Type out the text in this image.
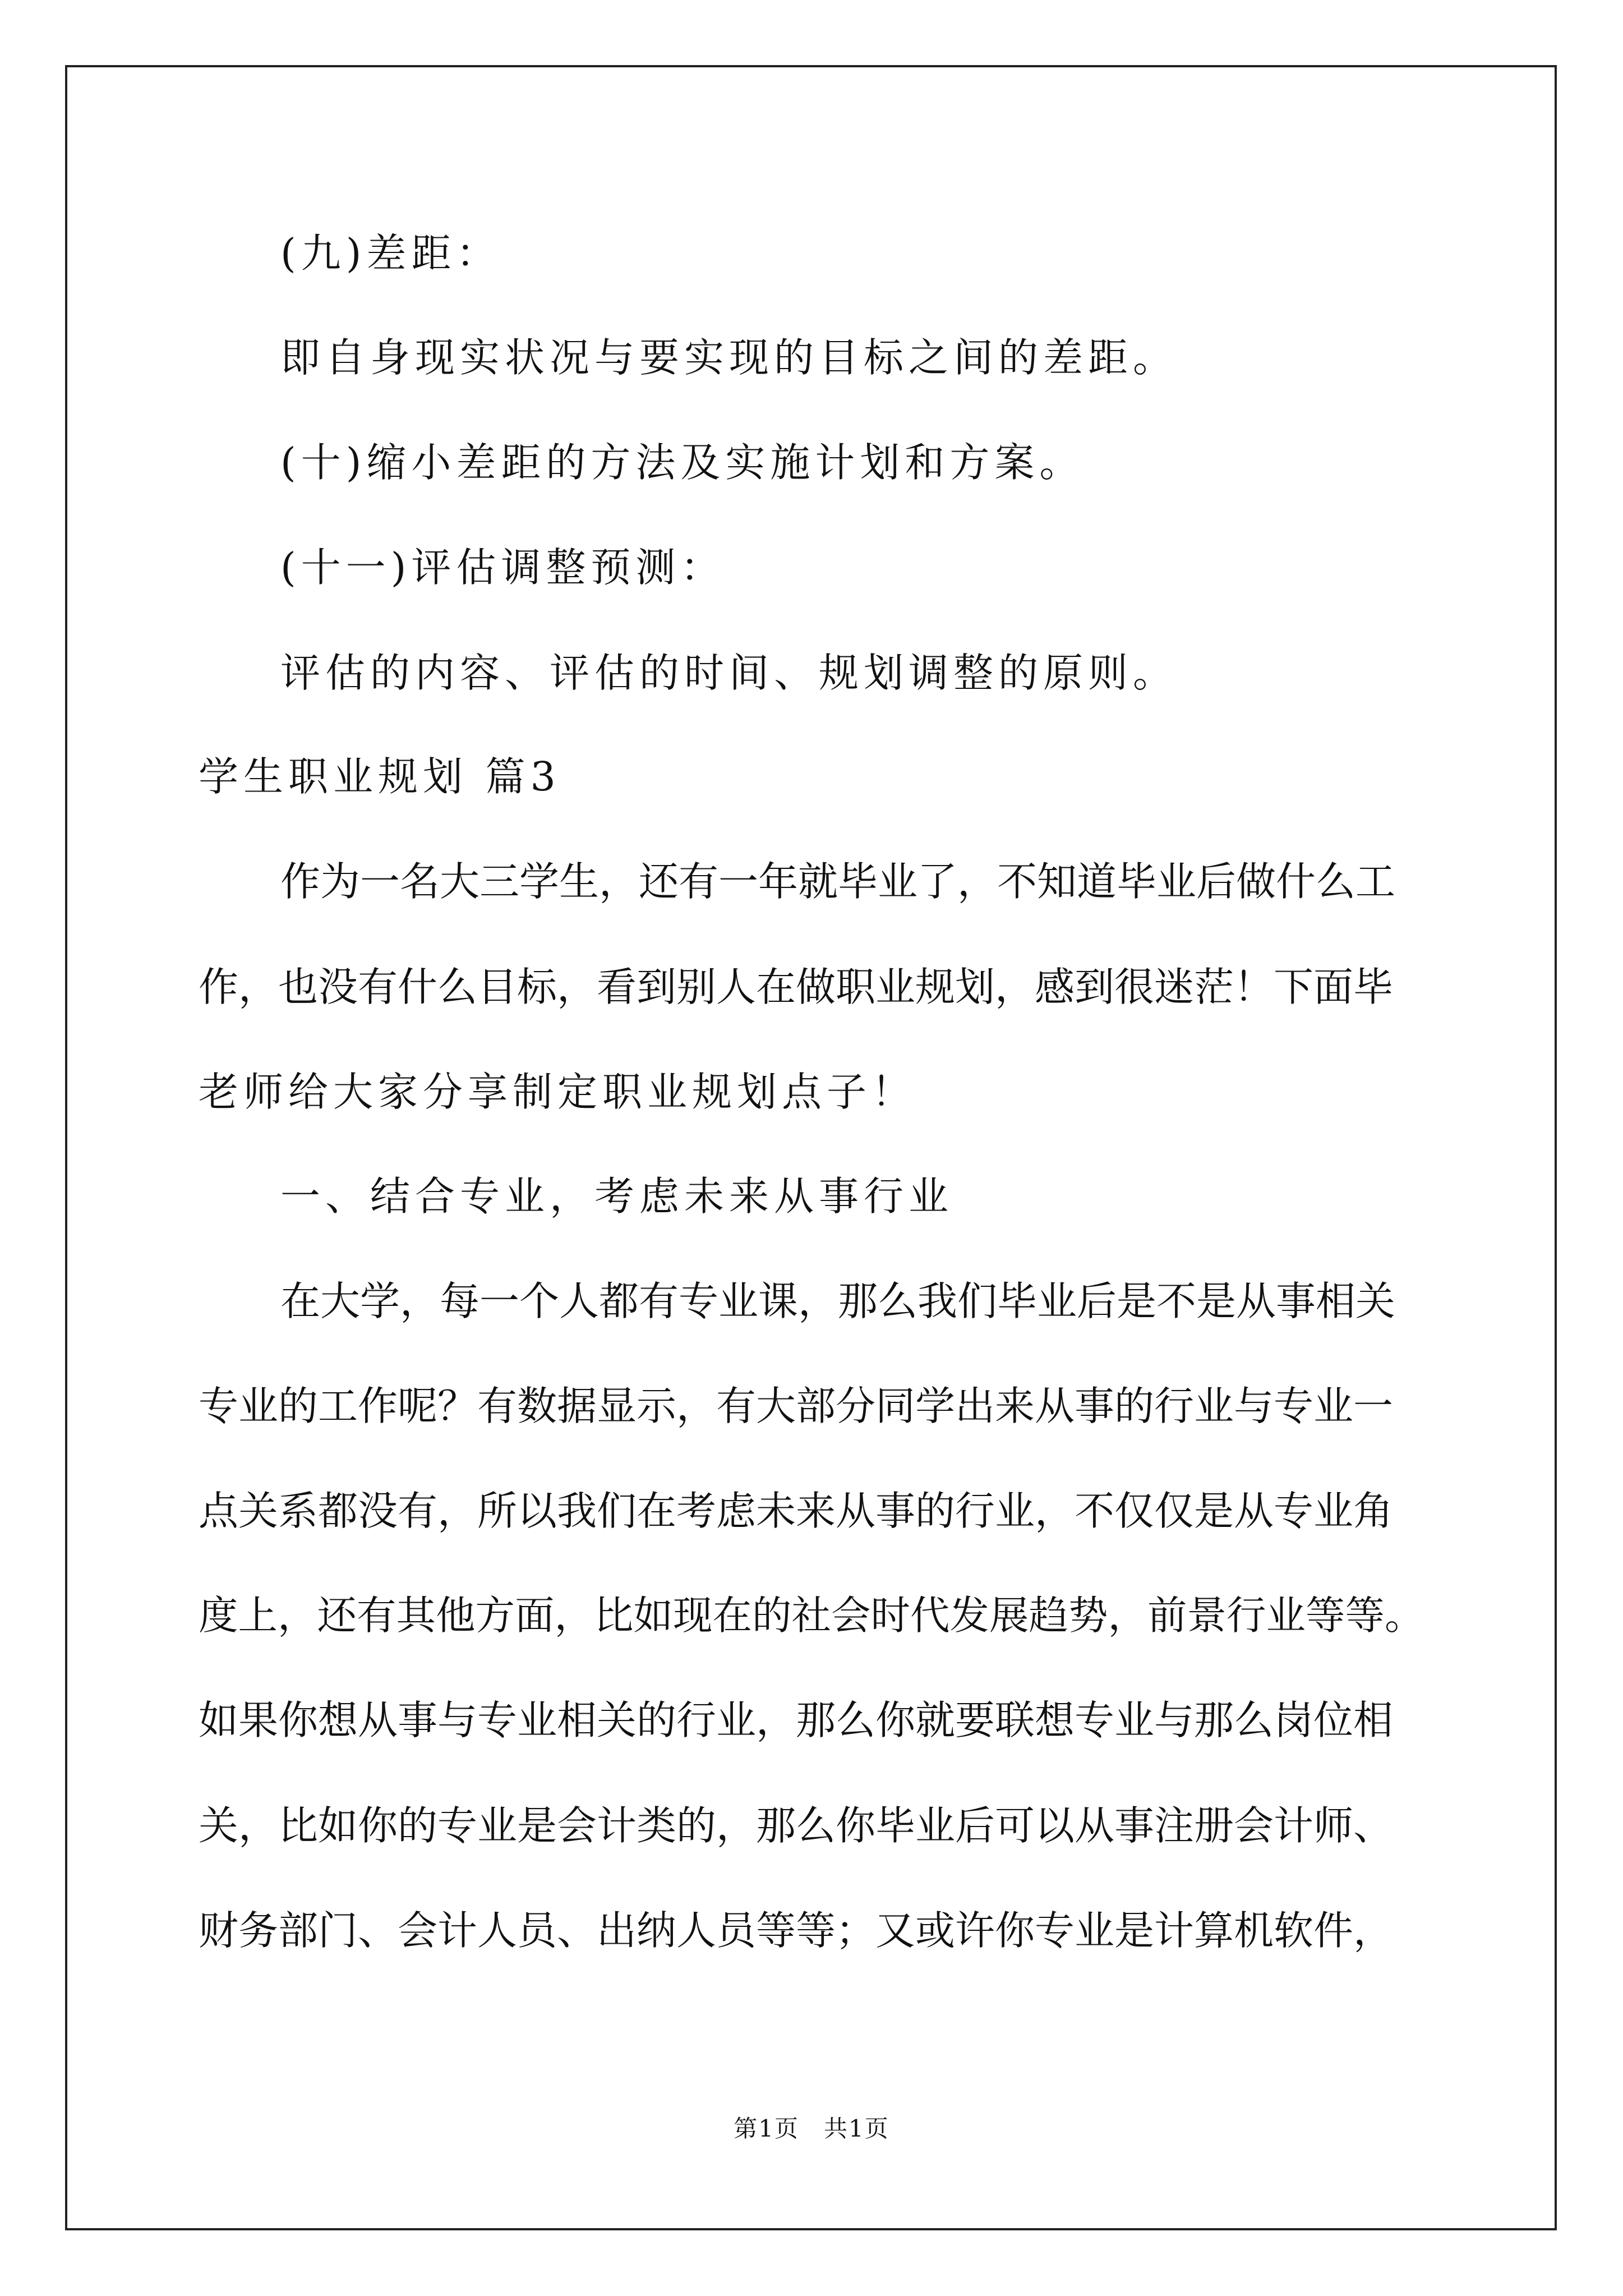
(九)差距：
即自身现实状况与要实现的目标之间的差距。
(十)缩小差距的方法及实施计划和方案。
(十一)评估调整预测：
评估的内容、评估的时间、规划调整的原则。
学生职业规划 篇3
作为一名大三学生，还有一年就毕业了，不知道毕业后做什么工
作，也没有什么目标，看到别人在做职业规划，感到很迷茫！下面毕
老师给大家分享制定职业规划点子！
一、结合专业，考虑未来从事行业
在大学，每一个人都有专业课，那么我们毕业后是不是从事相关
专业的工作呢？有数据显示，有大部分同学出来从事的行业与专业一
点关系都没有，所以我们在考虑未来从事的行业，不仅仅是从专业角
度上，还有其他方面，比如现在的社会时代发展趋势，前景行业等等。
如果你想从事与专业相关的行业，那么你就要联想专业与那么岗位相
关，比如你的专业是会计类的，那么你毕业后可以从事注册会计师、
财务部门、会计人员、出纳人员等等；又或许你专业是计算机软件，
第1页　共1页
